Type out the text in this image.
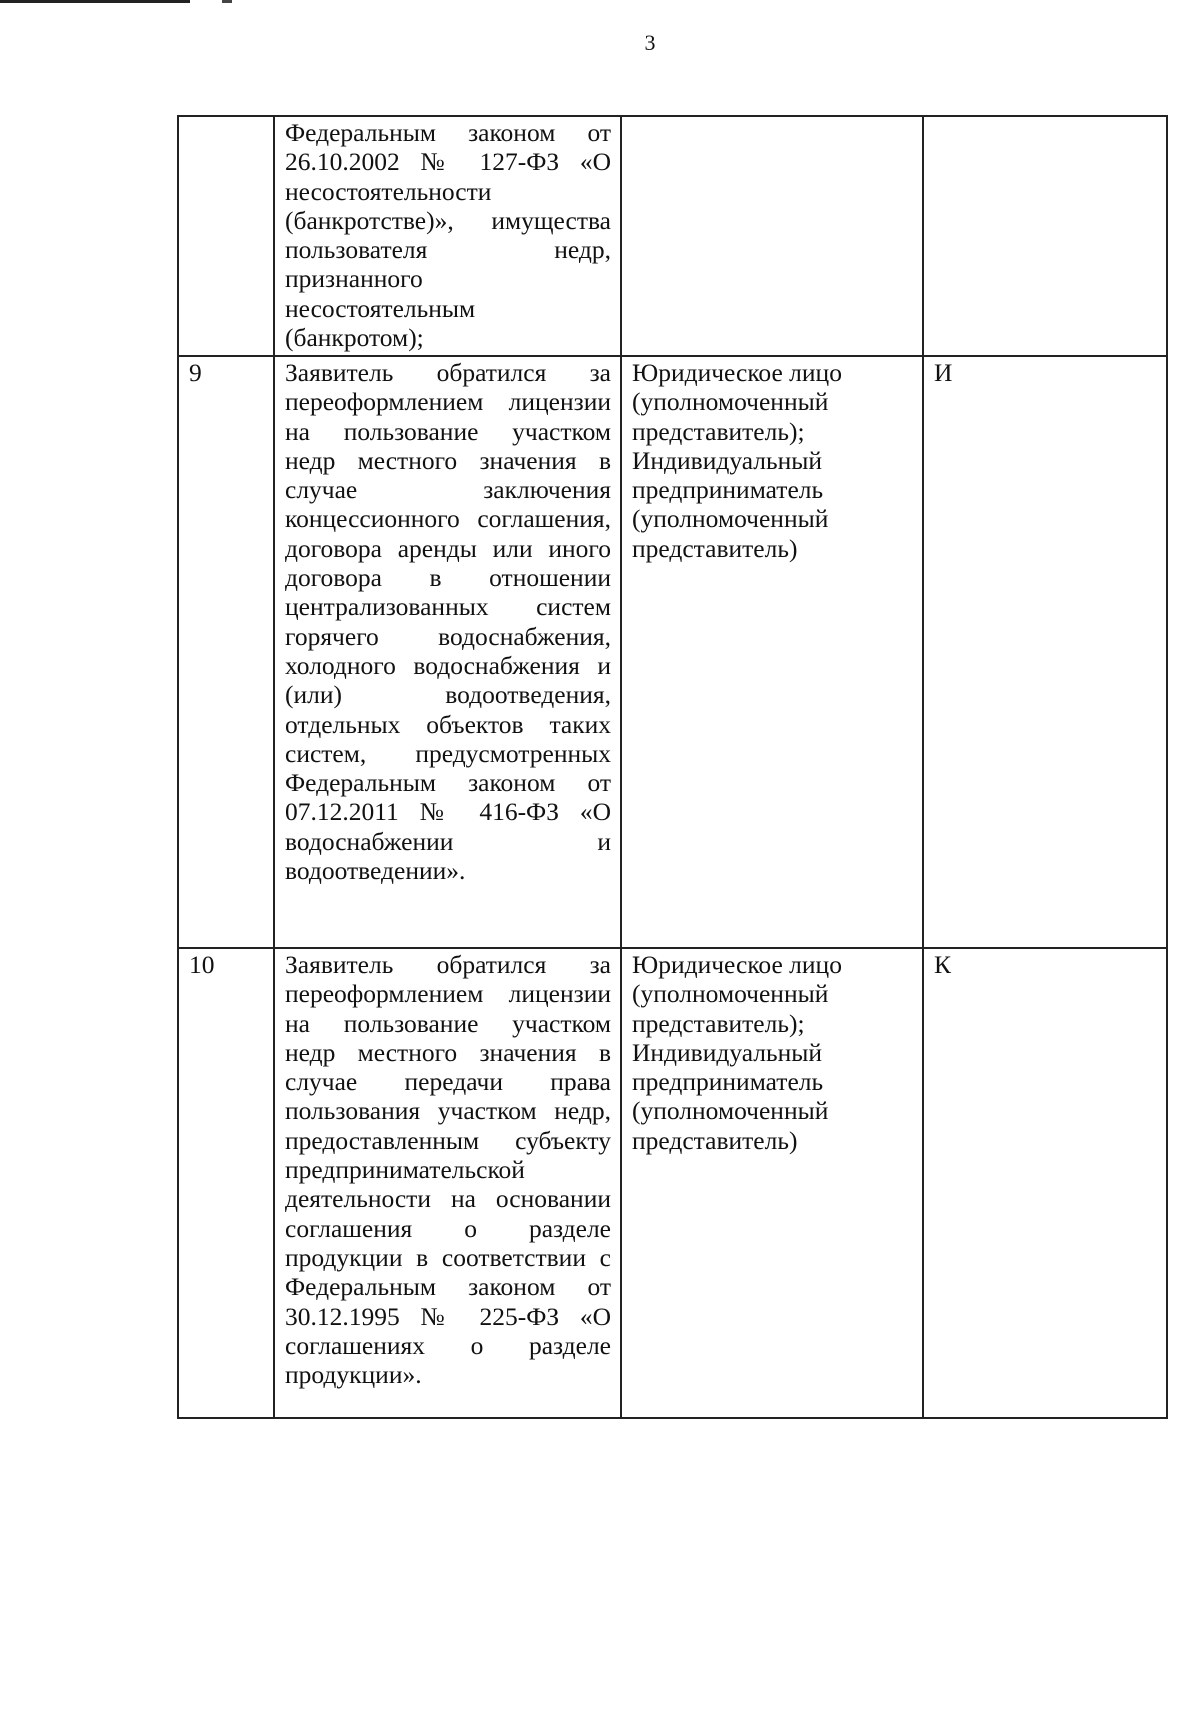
3
	Федеральным законом от 26.10.2002 № 127-ФЗ «О несостоятельности (банкротстве)», имущества пользователя недр, признанного несостоятельным (банкротом);		
9	Заявитель обратился за переоформлением лицензии на пользование участком недр местного значения в случае заключения концессионного соглашения, договора аренды или иного договора в отношении централизованных систем горячего водоснабжения, холодного водоснабжения и (или) водоотведения, отдельных объектов таких систем, предусмотренных Федеральным законом от 07.12.2011 № 416-ФЗ «О водоснабжении и водоотведении».	Юридическое лицо (уполномоченный представитель); Индивидуальный предприниматель (уполномоченный представитель)	И
10	Заявитель обратился за переоформлением лицензии на пользование участком недр местного значения в случае передачи права пользования участком недр, предоставленным субъекту предпринимательской деятельности на основании соглашения о разделе продукции в соответствии с Федеральным законом от 30.12.1995 № 225-ФЗ «О соглашениях о разделе продукции».	Юридическое лицо (уполномоченный представитель); Индивидуальный предприниматель (уполномоченный представитель)	К
